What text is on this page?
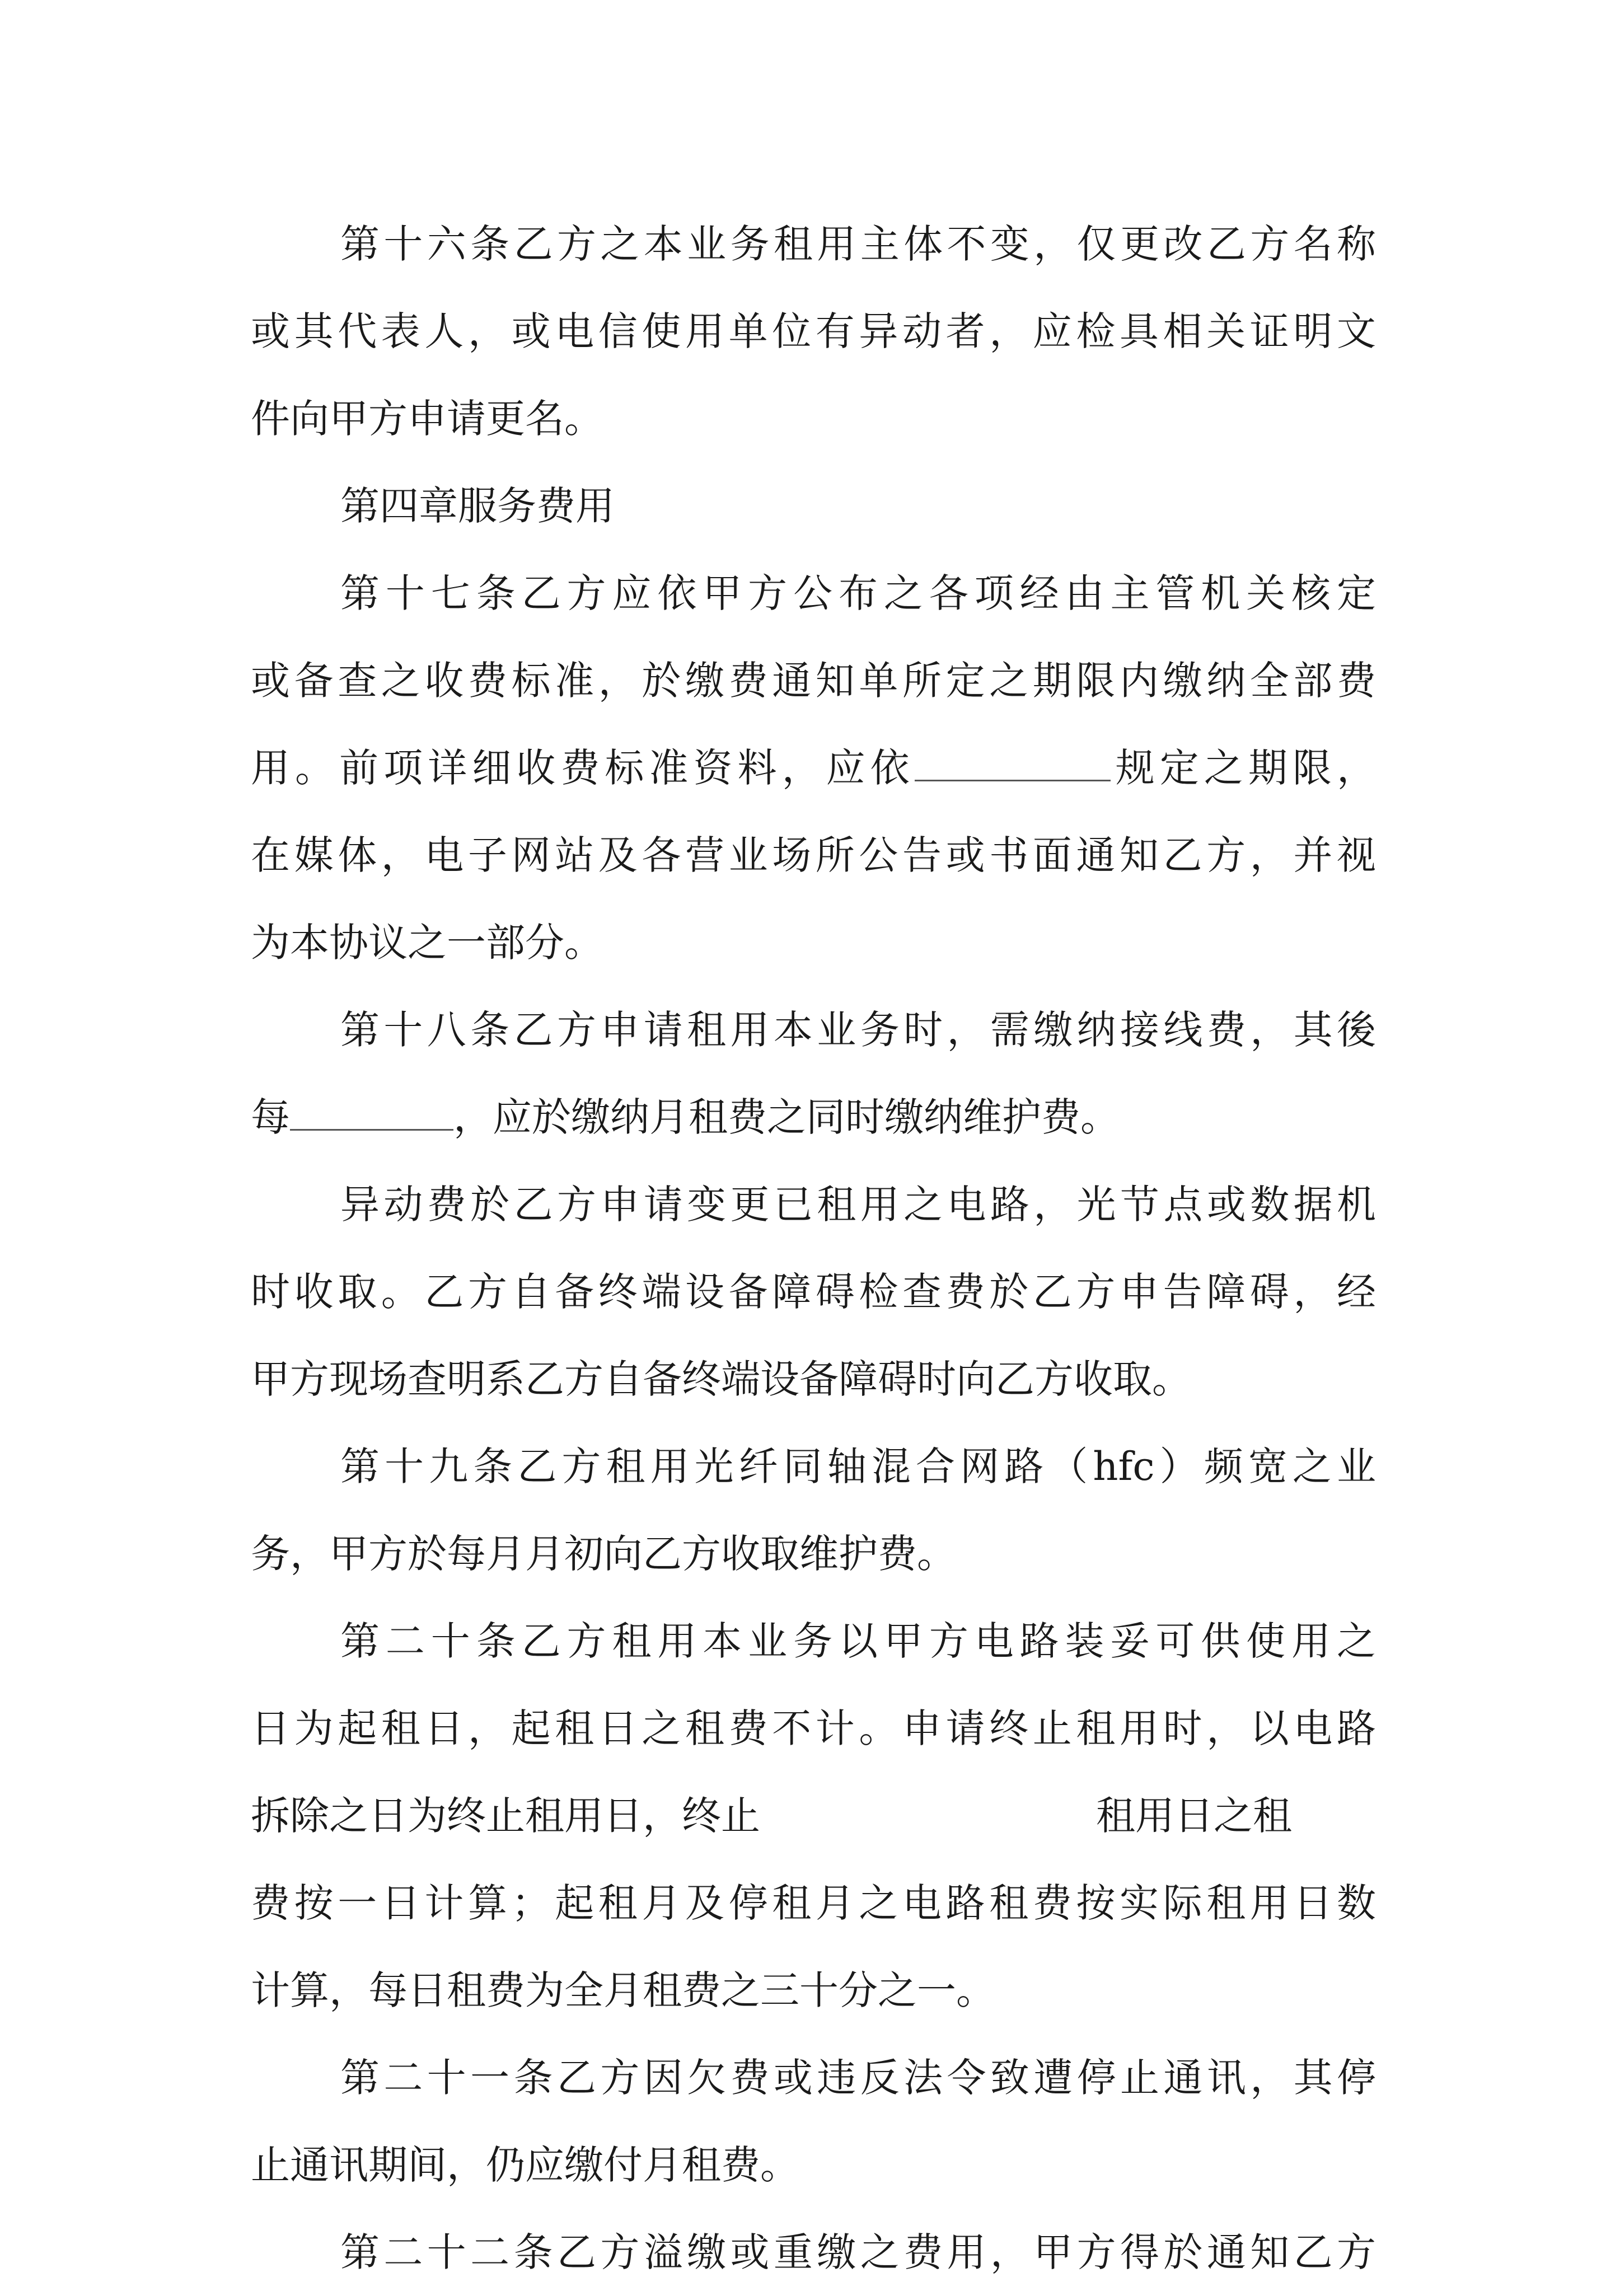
第十六条乙方之本业务租用主体不变，仅更改乙方名称
或其代表人，或电信使用单位有异动者，应检具相关证明文
件向甲方申请更名。
第四章服务费用
第十七条乙方应依甲方公布之各项经由主管机关核定
或备查之收费标准，於缴费通知单所定之期限内缴纳全部费
用。前项详细收费标准资料，应依	规定之期限，
在媒体，电子网站及各营业场所公告或书面通知乙方，并视
为本协议之一部分。
第十八条乙方申请租用本业务时，需缴纳接线费，其後
每	，应於缴纳月租费之同时缴纳维护费。
异动费於乙方申请变更已租用之电路，光节点或数据机
时收取。乙方自备终端设备障碍检查费於乙方申告障碍，经
甲方现场查明系乙方自备终端设备障碍时向乙方收取。
第十九条乙方租用光纤同轴混合网路（hfc）频宽之业
务，甲方於每月月初向乙方收取维护费。
第二十条乙方租用本业务以甲方电路装妥可供使用之
日为起租日，起租日之租费不计。申请终止租用时，以电路
拆除之日为终止租用日，终止	租用日之租
费按一日计算；起租月及停租月之电路租费按实际租用日数
计算，每日租费为全月租费之三十分之一。
第二十一条乙方因欠费或违反法令致遭停止通讯，其停
止通讯期间，仍应缴付月租费。
第二十二条乙方溢缴或重缴之费用，甲方得於通知乙方
